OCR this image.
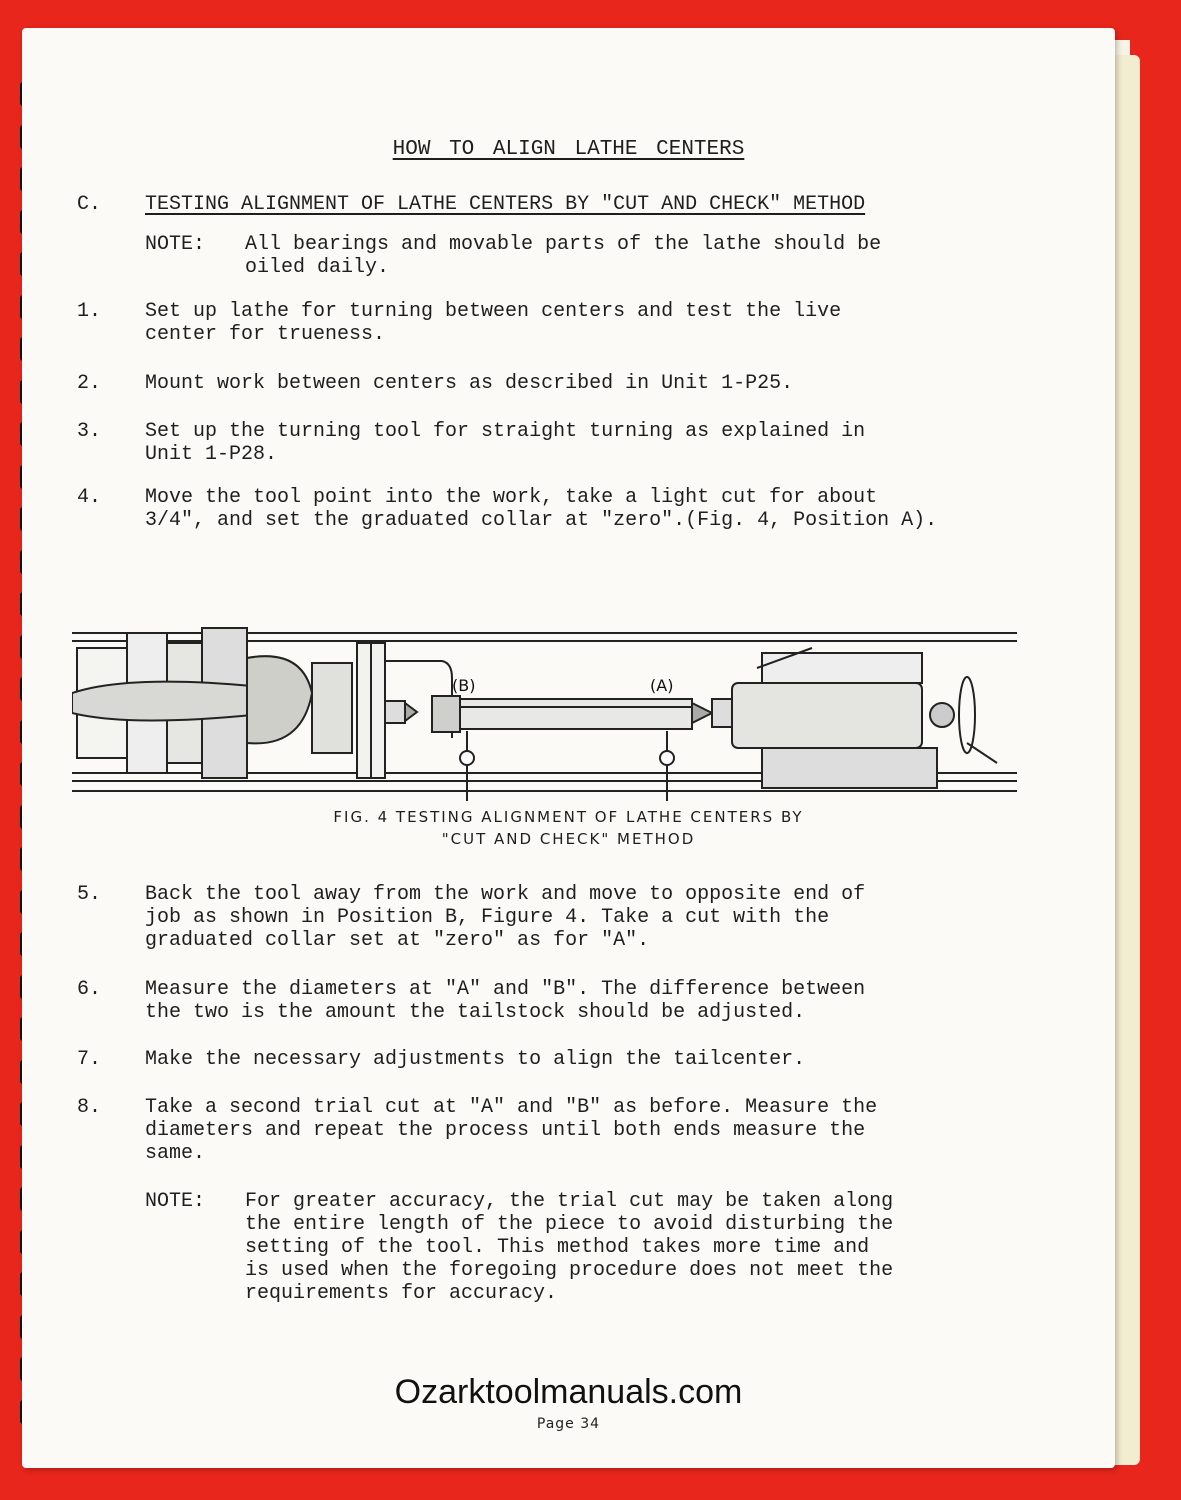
HOW TO ALIGN LATHE CENTERS
C. TESTING ALIGNMENT OF LATHE CENTERS BY "CUT AND CHECK" METHOD
NOTE: All bearings and movable parts of the lathe should be
oiled daily.
1.	Set up lathe for turning between centers and test the live
center for trueness.
2.	Mount work between centers as described in Unit 1-P25.
3.	Set up the turning tool for straight turning as explained in
Unit 1-P28.
4.	Move the tool point into the work, take a light cut for about
3/4", and set the graduated collar at "zero".(Fig. 4, Position A).
(B)	(A)
FIG. 4 TESTING ALIGNMENT OF LATHE CENTERS BY
"CUT AND CHECK" METHOD
5.	Back the tool away from the work and move to opposite end of
job as shown in Position B, Figure 4. Take a cut with the
graduated collar set at "zero" as for "A".
6.	Measure the diameters at "A" and "B". The difference between
the two is the amount the tailstock should be adjusted.
7.	Make the necessary adjustments to align the tailcenter.
8.	Take a second trial cut at "A" and "B" as before. Measure the
diameters and repeat the process until both ends measure the
same.
NOTE: For greater accuracy, the trial cut may be taken along
the entire length of the piece to avoid disturbing the
setting of the tool. This method takes more time and
is used when the foregoing procedure does not meet the
requirements for accuracy.
Ozarktoolmanuals.com
Page 34
